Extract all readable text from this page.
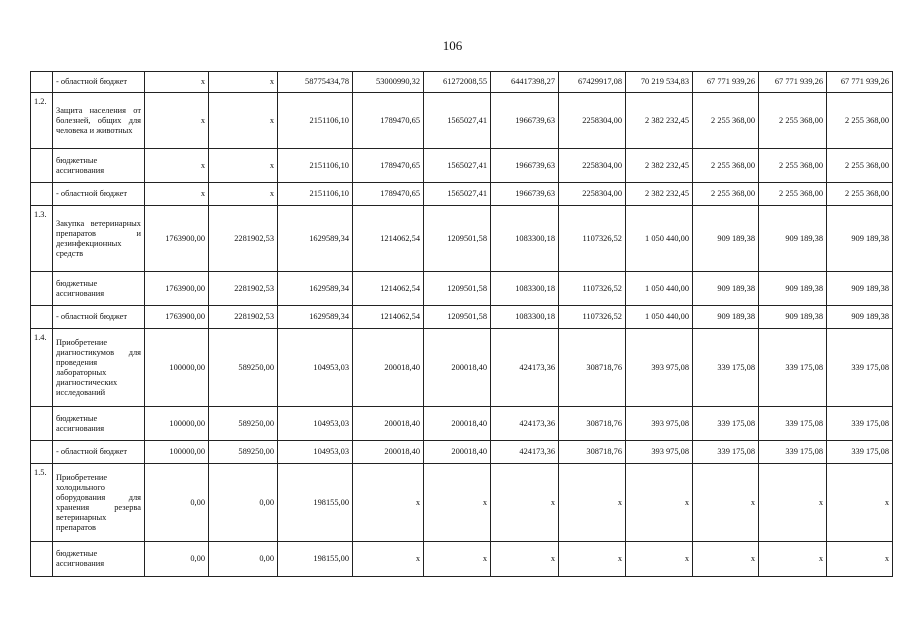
106
	- областной бюджет	x	x	58775434,78	53000990,32	61272008,55	64417398,27	67429917,08	70 219 534,83	67 771 939,26	67 771 939,26	67 771 939,26
1.2.	Защита населения от болезней, общих для человека и животных	x	x	2151106,10	1789470,65	1565027,41	1966739,63	2258304,00	2 382 232,45	2 255 368,00	2 255 368,00	2 255 368,00
	бюджетные ассигнования	x	x	2151106,10	1789470,65	1565027,41	1966739,63	2258304,00	2 382 232,45	2 255 368,00	2 255 368,00	2 255 368,00
	- областной бюджет	x	x	2151106,10	1789470,65	1565027,41	1966739,63	2258304,00	2 382 232,45	2 255 368,00	2 255 368,00	2 255 368,00
1.3.	Закупка ветеринарных препаратов и дезинфекционных средств	1763900,00	2281902,53	1629589,34	1214062,54	1209501,58	1083300,18	1107326,52	1 050 440,00	909 189,38	909 189,38	909 189,38
	бюджетные ассигнования	1763900,00	2281902,53	1629589,34	1214062,54	1209501,58	1083300,18	1107326,52	1 050 440,00	909 189,38	909 189,38	909 189,38
	- областной бюджет	1763900,00	2281902,53	1629589,34	1214062,54	1209501,58	1083300,18	1107326,52	1 050 440,00	909 189,38	909 189,38	909 189,38
1.4.	Приобретение диагностикумов для проведения лабораторных диагностических исследований	100000,00	589250,00	104953,03	200018,40	200018,40	424173,36	308718,76	393 975,08	339 175,08	339 175,08	339 175,08
	бюджетные ассигнования	100000,00	589250,00	104953,03	200018,40	200018,40	424173,36	308718,76	393 975,08	339 175,08	339 175,08	339 175,08
	- областной бюджет	100000,00	589250,00	104953,03	200018,40	200018,40	424173,36	308718,76	393 975,08	339 175,08	339 175,08	339 175,08
1.5.	Приобретение холодильного оборудования для хранения резерва ветеринарных препаратов	0,00	0,00	198155,00	x	x	x	x	x	x	x	x
	бюджетные ассигнования	0,00	0,00	198155,00	x	x	x	x	x	x	x	x
